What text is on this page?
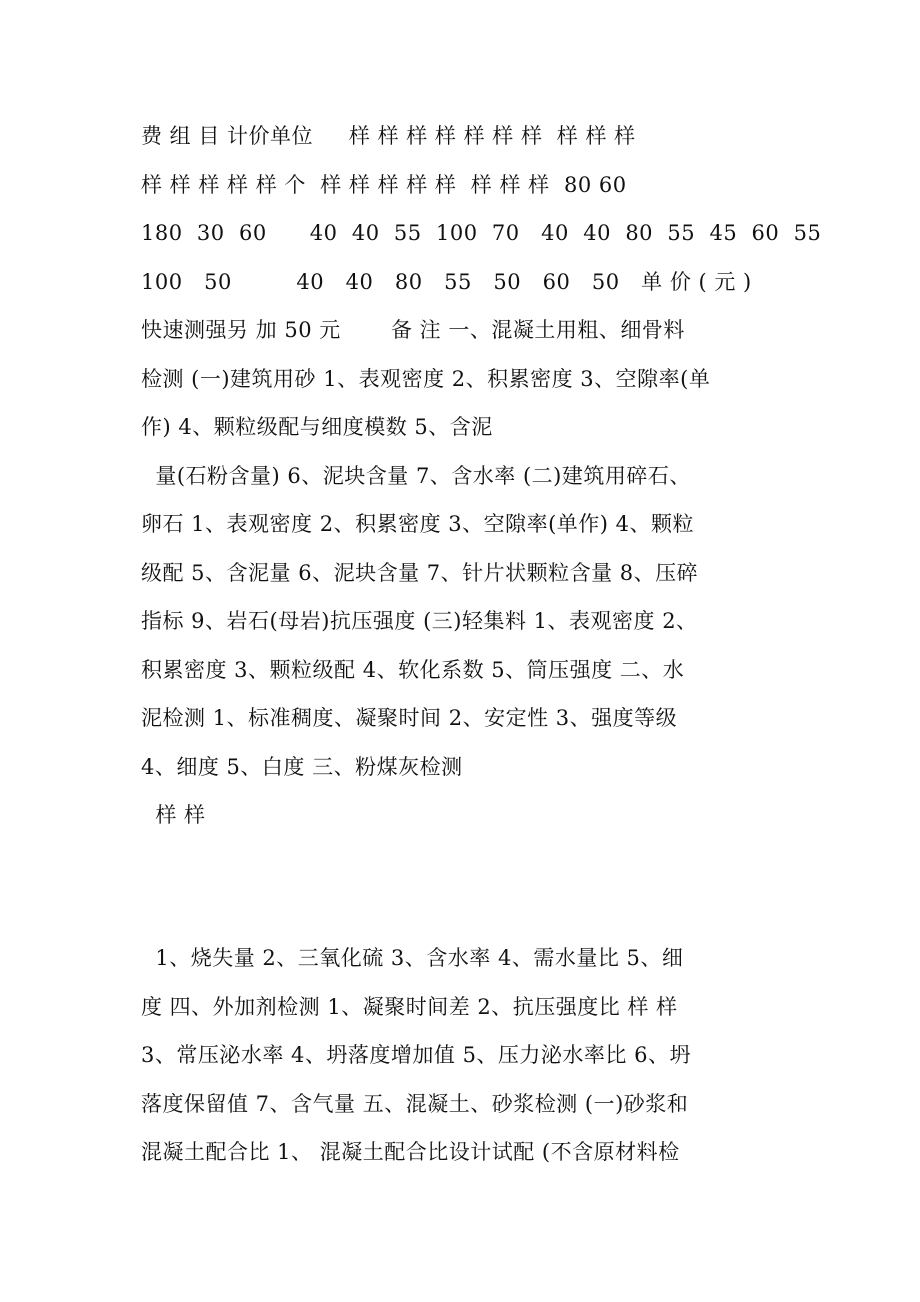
费 组 目 计价单位     样 样 样 样 样 样 样  样 样 样
样 样 样 样 样 个  样 样 样 样 样  样 样 样  80 60
180  30  60      40  40  55  100  70   40  40  80  55  45  60  55
100   50         40   40   80   55   50   60   50   单 价 ( 元 )
快速测强另 加 50 元       备 注 一、混凝土用粗、细骨料
检测 (一)建筑用砂 1、表观密度 2、积累密度 3、空隙率(单
作) 4、颗粒级配与细度模数 5、含泥
量(石粉含量) 6、泥块含量 7、含水率 (二)建筑用碎石、
卵石 1、表观密度 2、积累密度 3、空隙率(单作) 4、颗粒
级配 5、含泥量 6、泥块含量 7、针片状颗粒含量 8、压碎
指标 9、岩石(母岩)抗压强度 (三)轻集料 1、表观密度 2、
积累密度 3、颗粒级配 4、软化系数 5、筒压强度 二、水
泥检测 1、标准稠度、凝聚时间 2、安定性 3、强度等级
4、细度 5、白度 三、粉煤灰检测
样 样
1、烧失量 2、三氧化硫 3、含水率 4、需水量比 5、细
度 四、外加剂检测 1、凝聚时间差 2、抗压强度比 样 样
3、常压泌水率 4、坍落度增加值 5、压力泌水率比 6、坍
落度保留值 7、含气量 五、混凝土、砂浆检测 (一)砂浆和
混凝土配合比 1、 混凝土配合比设计试配 (不含原材料检
